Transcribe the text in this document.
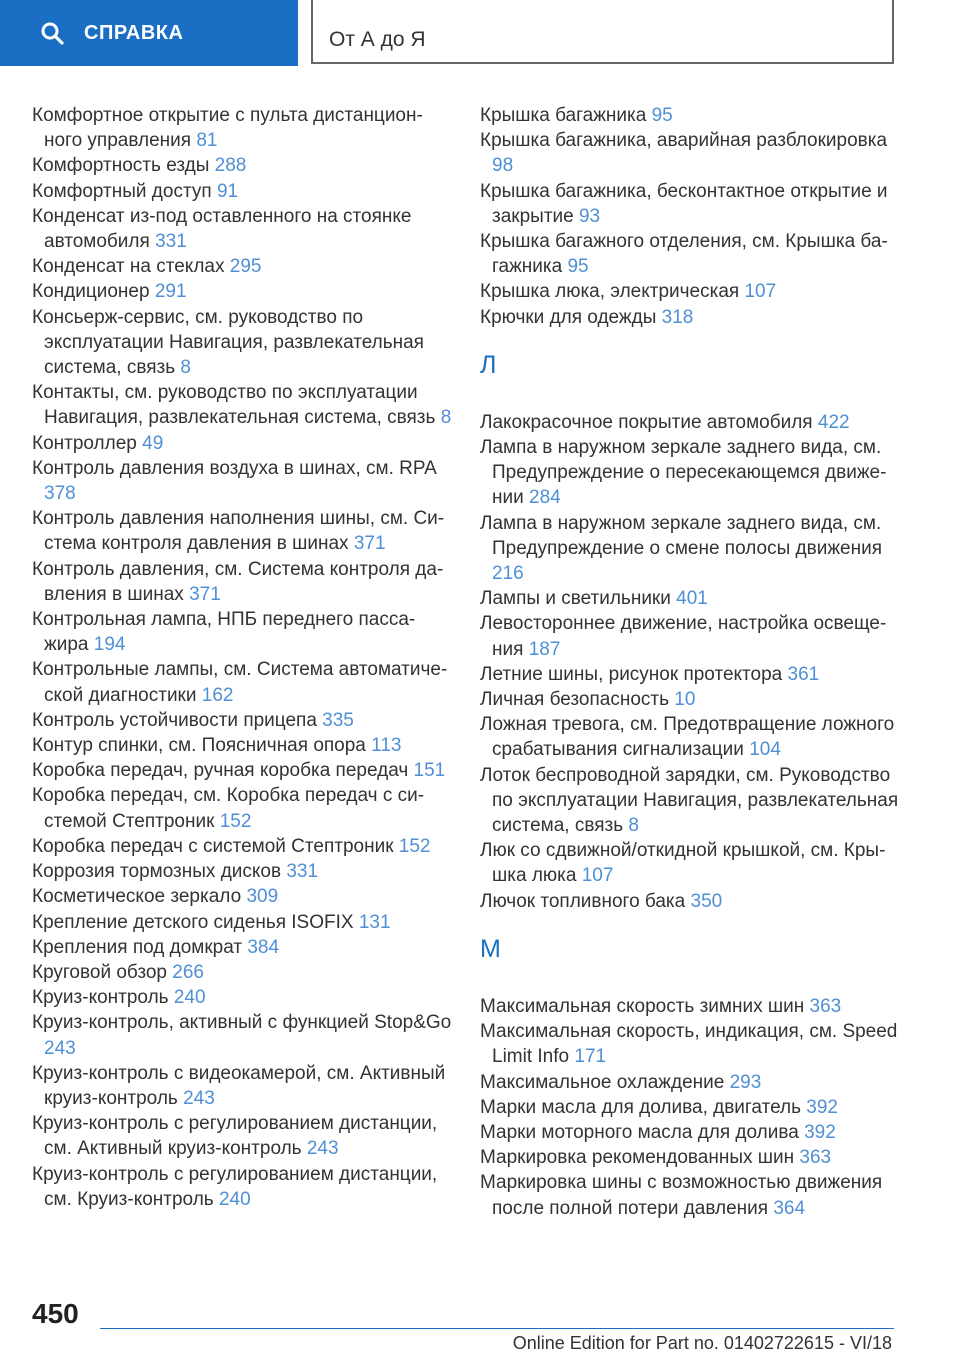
СПРАВКА	От А до Я
Комфортное открытие с пульта дистанционного управления 81
Комфортность езды 288
Комфортный доступ 91
Конденсат из-под оставленного на стоянке автомобиля 331
Конденсат на стеклах 295
Кондиционер 291
Консьерж-сервис, см. руководство по эксплуатации Навигация, развлекательная система, связь 8
Контакты, см. руководство по эксплуатации Навигация, развлекательная система, связь 8
Контроллер 49
Контроль давления воздуха в шинах, см. RPA 378
Контроль давления наполнения шины, см. Система контроля давления в шинах 371
Контроль давления, см. Система контроля давления в шинах 371
Контрольная лампа, НПБ переднего пассажира 194
Контрольные лампы, см. Система автоматической диагностики 162
Контроль устойчивости прицепа 335
Контур спинки, см. Поясничная опора 113
Коробка передач, ручная коробка передач 151
Коробка передач, см. Коробка передач с системой Стептроник 152
Коробка передач с системой Стептроник 152
Коррозия тормозных дисков 331
Косметическое зеркало 309
Крепление детского сиденья ISOFIX 131
Крепления под домкрат 384
Круговой обзор 266
Круиз-контроль 240
Круиз-контроль, активный с функцией Stop&Go 243
Круиз-контроль с видеокамерой, см. Активный круиз-контроль 243
Круиз-контроль с регулированием дистанции, см. Активный круиз-контроль 243
Круиз-контроль с регулированием дистанции, см. Круиз-контроль 240
Крышка багажника 95
Крышка багажника, аварийная разблокировка 98
Крышка багажника, бесконтактное открытие и закрытие 93
Крышка багажного отделения, см. Крышка багажника 95
Крышка люка, электрическая 107
Крючки для одежды 318
Л
Лакокрасочное покрытие автомобиля 422
Лампа в наружном зеркале заднего вида, см. Предупреждение о пересекающемся движении 284
Лампа в наружном зеркале заднего вида, см. Предупреждение о смене полосы движения 216
Лампы и светильники 401
Левостороннее движение, настройка освещения 187
Летние шины, рисунок протектора 361
Личная безопасность 10
Ложная тревога, см. Предотвращение ложного срабатывания сигнализации 104
Лоток беспроводной зарядки, см. Руководство по эксплуатации Навигация, развлекательная система, связь 8
Люк со сдвижной/откидной крышкой, см. Крышка люка 107
Лючок топливного бака 350
М
Максимальная скорость зимних шин 363
Максимальная скорость, индикация, см. Speed Limit Info 171
Максимальное охлаждение 293
Марки масла для долива, двигатель 392
Марки моторного масла для долива 392
Маркировка рекомендованных шин 363
Маркировка шины с возможностью движения после полной потери давления 364
450
Online Edition for Part no. 01402722615 - VI/18
